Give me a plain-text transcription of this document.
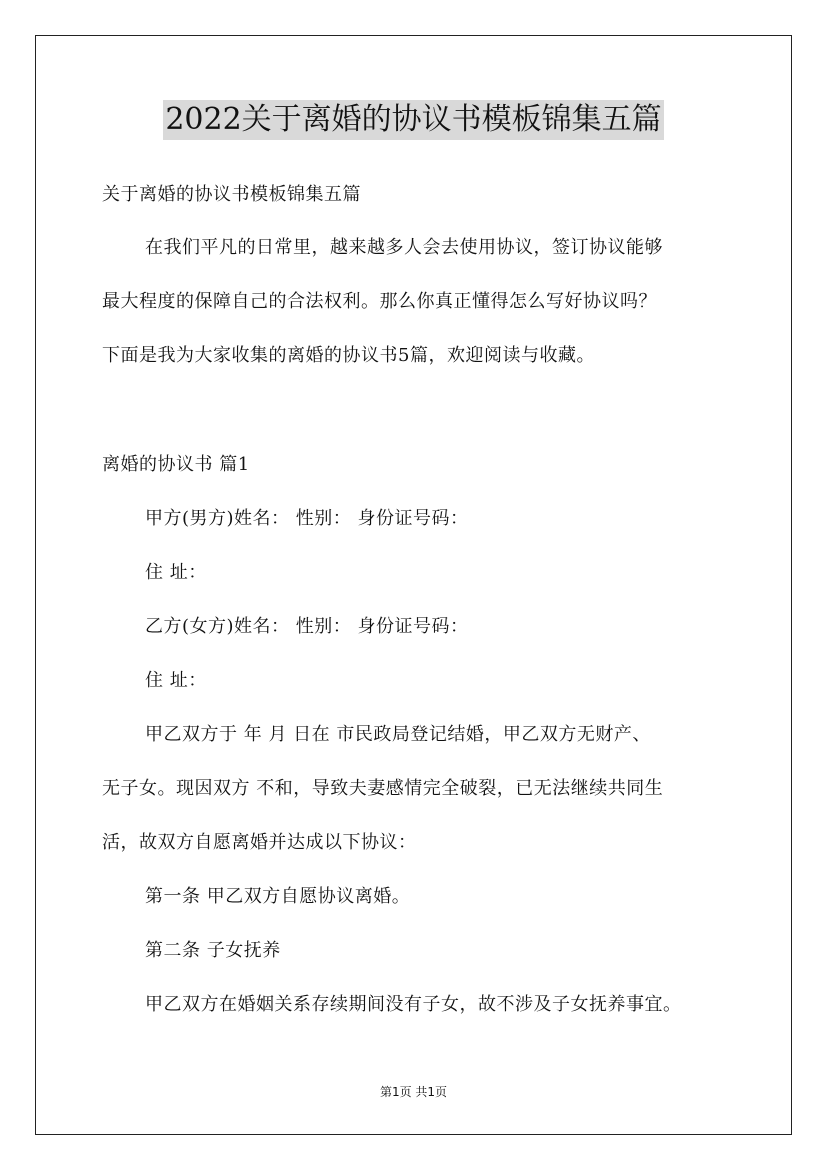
2022关于离婚的协议书模板锦集五篇
关于离婚的协议书模板锦集五篇
在我们平凡的日常里，越来越多人会去使用协议，签订协议能够
最大程度的保障自己的合法权利。那么你真正懂得怎么写好协议吗？
下面是我为大家收集的离婚的协议书5篇，欢迎阅读与收藏。
离婚的协议书 篇1
甲方(男方)姓名： 性别： 身份证号码：
住 址：
乙方(女方)姓名： 性别： 身份证号码：
住 址：
甲乙双方于 年 月 日在 市民政局登记结婚，甲乙双方无财产、
无子女。现因双方 不和，导致夫妻感情完全破裂，已无法继续共同生
活，故双方自愿离婚并达成以下协议：
第一条 甲乙双方自愿协议离婚。
第二条 子女抚养
甲乙双方在婚姻关系存续期间没有子女，故不涉及子女抚养事宜。
第1页 共1页
